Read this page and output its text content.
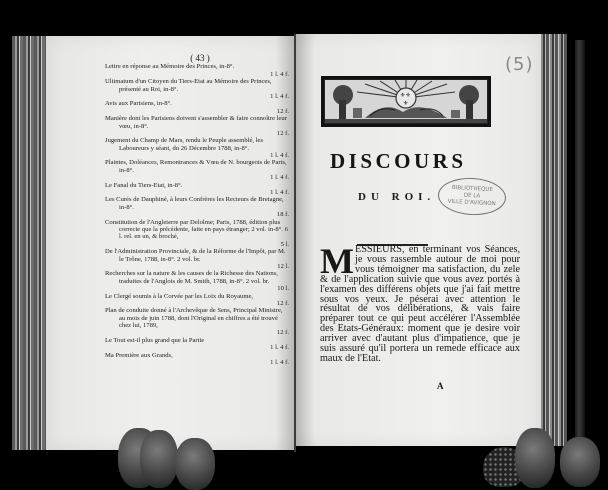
( 43 )
Lettre en réponse au Mémoire des Princes, in-8°.
1 l. 4 f.
Ultimatum d'un Citoyen du Tiers-Etat au Mémoire des Princes, présenté au Roi, in-8°.
1 l. 4 f.
Avis aux Parisiens, in-8°.
12 f.
Manière dont les Parisiens doivent s'assembler & faire connoître leur vœu, in-8°.
12 f.
Jugement du Champ de Mars, rendu le Peuple assemblé, les Laboureurs y séant, du 26 Décembre 1788, in-8°.
1 l. 4 f.
Plaintes, Doléances, Remontrances & Vœu de N. bourgeois de Paris, in-8°.
1 l. 4 f.
Le Fanal du Tiers-Etat, in-8°.
1 l. 4 f.
Les Curés de Dauphiné, à leurs Confrères les Recteurs de Bretagne, in-8°.
18 f.
Constitution de l'Angleterre par Delolme; Paris, 1788, édition plus correcte que la précédente, faite en pays étranger; 2 vol. in-8°. 6 l. rel. en un, & broché,
5 l.
De l'Administration Provinciale, & de la Réforme de l'Impôt, par M. le Trône, 1788, in-8°. 2 vol. br.
12 l.
Recherches sur la nature & les causes de la Richesse des Nations, traduites de l'Anglois de M. Smith, 1788, in-8°. 2 vol. br.
10 l.
Le Clergé soumis à la Corvée par les Loix du Royaume,
12 f.
Plan de conduite donné à l'Archevêque de Sens, Principal Ministre, au mois de juin 1788, dont l'Original en chiffres a été trouvé chez lui, 1789,
12 f.
Le Tout est-il plus grand que la Partie
1 l. 4 f.
Ma Première aux Grands,
1 l. 4 f.
(5)
⚜⚜
⚜
DISCOURS
DU ROI.
BIBLIOTHEQUE
DE LA
VILLE D'AVIGNON
MESSIEURS, en terminant vos Séances, je vous rassemble autour de moi pour vous témoigner ma satisfaction, du zele & de l'application suivie que vous avez portés à l'examen des différens objets que j'ai fait mettre sous vos yeux. Je péserai avec attention le résultat de vos délibérations, & vais faire préparer tout ce qui peut accélérer l'Assemblée des Etats-Généraux: moment que je desire voir arriver avec d'autant plus d'impatience, que je suis assuré qu'il portera un remede efficace aux maux de l'Etat.
A
